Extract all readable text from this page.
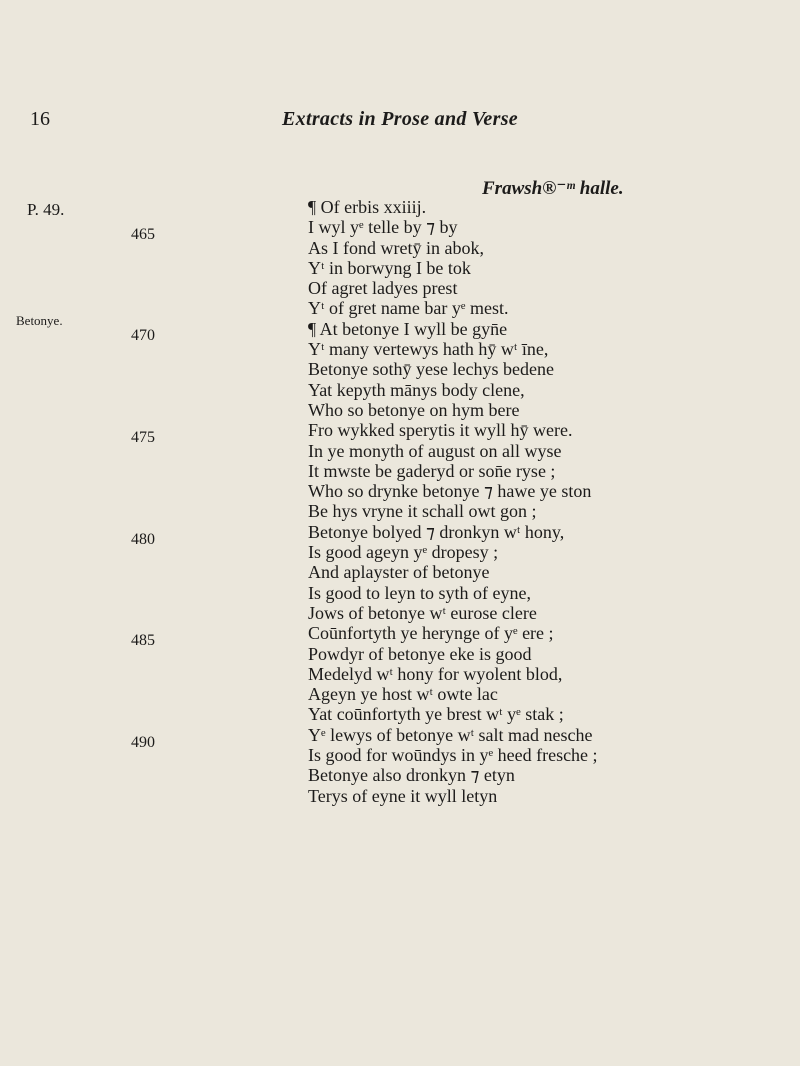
16	Extracts in Prose and Verse
Frawsh®⁻ᵐ halle.
P. 49.
Betonye.
465
470
475
480
485
490
¶ Of erbis xxiiij.
I wyl yᵉ telle by ⁊ by
As I fond wretȳ in abok,
Yᵗ in borwyng I be tok
Of agret ladyes prest
Yᵗ of gret name bar yᵉ mest.
¶ At betonye I wyll be gyn̄e
Yᵗ many vertewys hath hȳ wᵗ īne,
Betonye sothȳ yese lechys bedene
Yat kepyth mānys body clene,
Who so betonye on hym bere
Fro wykked sperytis it wyll hȳ were.
In ye monyth of august on all wyse
It mwste be gaderyd or son̄e ryse ;
Who so drynke betonye ⁊ hawe ye ston
Be hys vryne it schall owt gon ;
Betonye bolyed ⁊ dronkyn wᵗ hony,
Is good ageyn yᵉ dropesy ;
And aplayster of betonye
Is good to leyn to syth of eyne,
Jows of betonye wᵗ eurose clere
Coūnfortyth ye herynge of yᵉ ere ;
Powdyr of betonye eke is good
Medelyd wᵗ hony for wyolent blod,
Ageyn ye host wᵗ owte lac
Yat coūnfortyth ye brest wᵗ yᵉ stak ;
Yᵉ lewys of betonye wᵗ salt mad nesche
Is good for woūndys in yᵉ heed fresche ;
Betonye also dronkyn ⁊ etyn
Terys of eyne it wyll letyn
